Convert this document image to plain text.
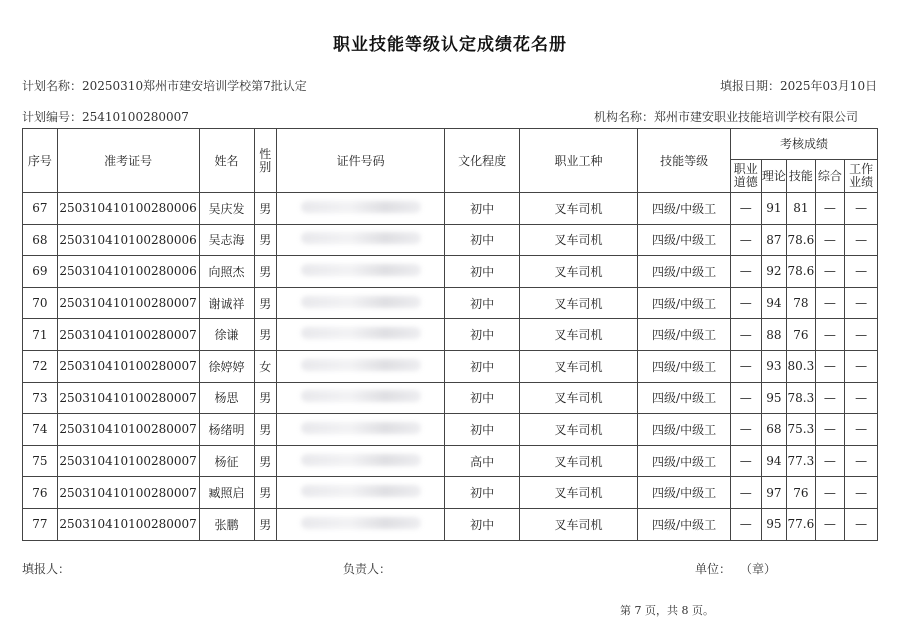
职业技能等级认定成绩花名册
计划名称：20250310郑州市建安培训学校第7批认定	填报日期：2025年03月10日
计划编号：25410100280007	机构名称：郑州市建安职业技能培训学校有限公司
序号	准考证号	姓名	性别	证件号码	文化程度	职业工种	技能等级	考核成绩				
								职业道德	理论	技能	综合	工作业绩
67	250310410100280006	吴庆发	男		初中	叉车司机	四级/中级工	—	91	81	—	—
68	250310410100280006	吴志海	男		初中	叉车司机	四级/中级工	—	87	78.6	—	—
69	250310410100280006	向照杰	男		初中	叉车司机	四级/中级工	—	92	78.6	—	—
70	250310410100280007	谢诚祥	男		初中	叉车司机	四级/中级工	—	94	78	—	—
71	250310410100280007	徐谦	男		初中	叉车司机	四级/中级工	—	88	76	—	—
72	250310410100280007	徐婷婷	女		初中	叉车司机	四级/中级工	—	93	80.3	—	—
73	250310410100280007	杨思	男		初中	叉车司机	四级/中级工	—	95	78.3	—	—
74	250310410100280007	杨绪明	男		初中	叉车司机	四级/中级工	—	68	75.3	—	—
75	250310410100280007	杨征	男		高中	叉车司机	四级/中级工	—	94	77.3	—	—
76	250310410100280007	臧照启	男		初中	叉车司机	四级/中级工	—	97	76	—	—
77	250310410100280007	张鹏	男		初中	叉车司机	四级/中级工	—	95	77.6	—	—
填报人：	负责人：	单位： （章）
第 7 页，共 8 页。
